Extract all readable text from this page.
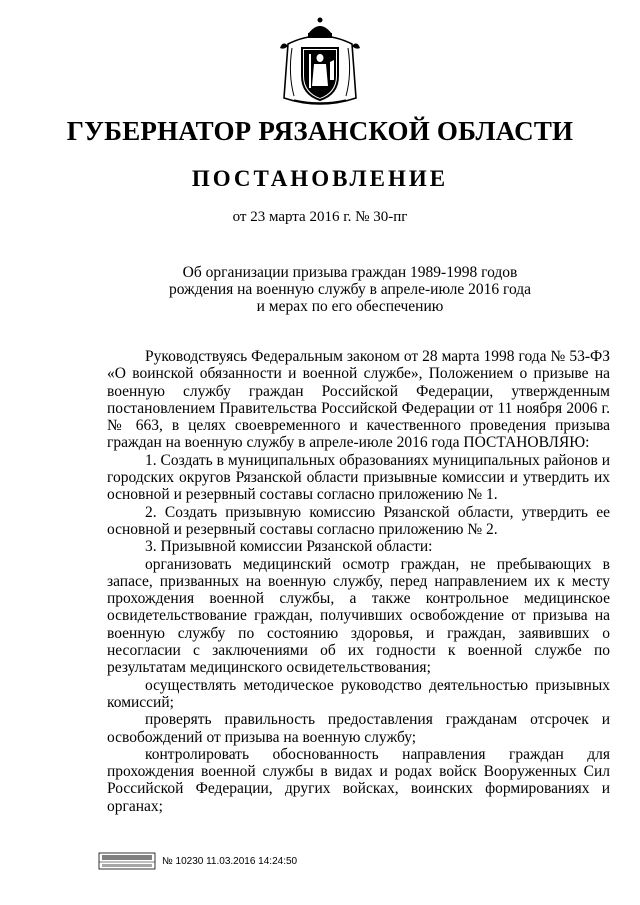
ГУБЕРНАТОР РЯЗАНСКОЙ ОБЛАСТИ
ПОСТАНОВЛЕНИЕ
от 23 марта 2016 г. № 30-пг
Об организации призыва граждан 1989-1998 годов
рождения на военную службу в апреле-июле 2016 года
и мерах по его обеспечению

Руководствуясь Федеральным законом от 28 марта 1998 года № 53-ФЗ «О воинской обязанности и военной службе», Положением о призыве на военную службу граждан Российской Федерации, утвержденным постановлением Правительства Российской Федерации от 11 ноября 2006 г. № 663, в целях своевременного и качественного проведения призыва граждан на военную службу в апреле-июле 2016 года ПОСТАНОВЛЯЮ:

1. Создать в муниципальных образованиях муниципальных районов и городских округов Рязанской области призывные комиссии и утвердить их основной и резервный составы согласно приложению № 1.

2. Создать призывную комиссию Рязанской области, утвердить ее основной и резервный составы согласно приложению № 2.

3. Призывной комиссии Рязанской области:

организовать медицинский осмотр граждан, не пребывающих в запасе, призванных на военную службу, перед направлением их к месту прохождения военной службы, а также контрольное медицинское освидетельствование граждан, получивших освобождение от призыва на военную службу по состоянию здоровья, и граждан, заявивших о несогласии с заключениями об их годности к военной службе по результатам медицинского освидетельствования;

осуществлять методическое руководство деятельностью призывных комиссий;

проверять правильность предоставления гражданам отсрочек и освобождений от призыва на военную службу;

контролировать обоснованность направления граждан для прохождения военной службы в видах и родах войск Вооруженных Сил Российской Федерации, других войсках, воинских формированиях и органах;

№ 10230 11.03.2016 14:24:50
